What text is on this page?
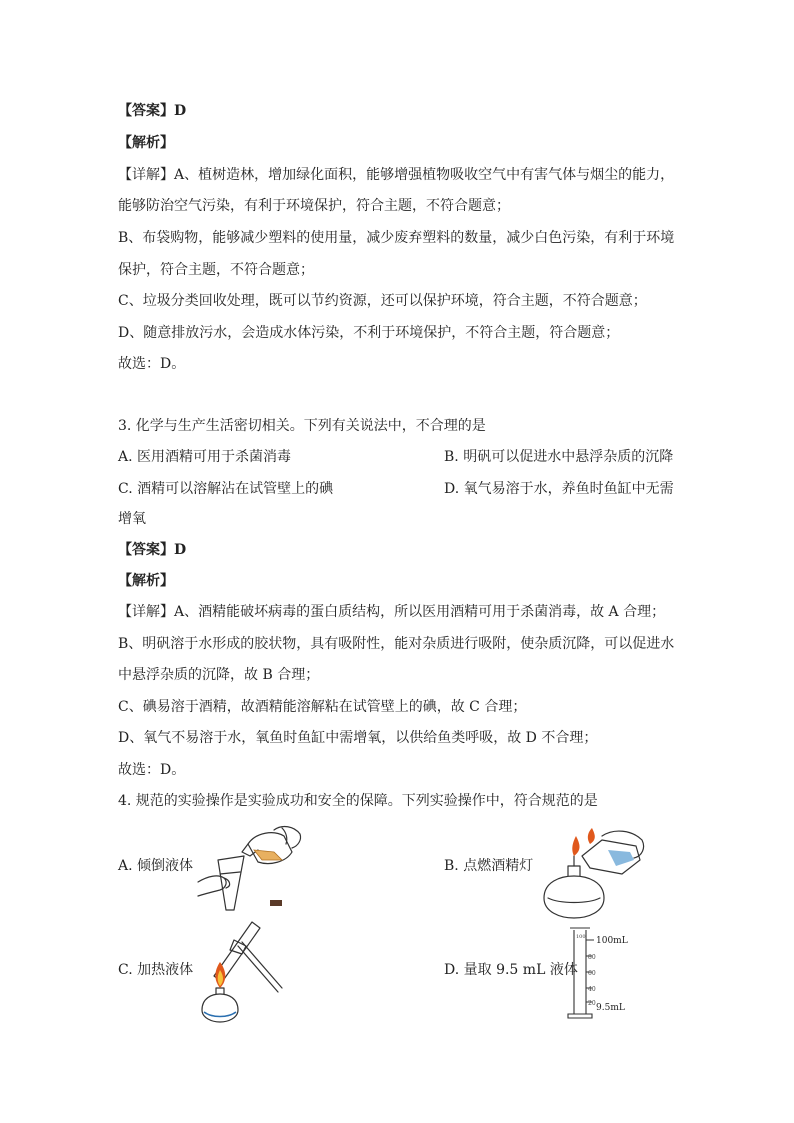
【答案】D
【解析】
【详解】A、植树造林，增加绿化面积，能够增强植物吸收空气中有害气体与烟尘的能力，
能够防治空气污染，有利于环境保护，符合主题，不符合题意；
B、布袋购物，能够减少塑料的使用量，减少废弃塑料的数量，减少白色污染，有利于环境
保护，符合主题，不符合题意；
C、垃圾分类回收处理，既可以节约资源，还可以保护环境，符合主题，不符合题意；
D、随意排放污水，会造成水体污染，不利于环境保护，不符合主题，符合题意；
故选：D。
3. 化学与生产生活密切相关。下列有关说法中，不合理的是
A. 医用酒精可用于杀菌消毒	B. 明矾可以促进水中悬浮杂质的沉降
C. 酒精可以溶解沾在试管壁上的碘	D. 氧气易溶于水，养鱼时鱼缸中无需
增氧
【答案】D
【解析】
【详解】A、酒精能破坏病毒的蛋白质结构，所以医用酒精可用于杀菌消毒，故 A 合理；
B、明矾溶于水形成的胶状物，具有吸附性，能对杂质进行吸附，使杂质沉降，可以促进水
中悬浮杂质的沉降，故 B 合理；
C、碘易溶于酒精，故酒精能溶解粘在试管壁上的碘，故 C 合理；
D、氧气不易溶于水，氧鱼时鱼缸中需增氧，以供给鱼类呼吸，故 D 不合理；
故选：D。
4. 规范的实验操作是实验成功和安全的保障。下列实验操作中，符合规范的是
A. 倾倒液体	B. 点燃酒精灯
C. 加热液体	D. 量取 9.5 mL 液体
100mL
80
60
40
20
100
9.5mL
